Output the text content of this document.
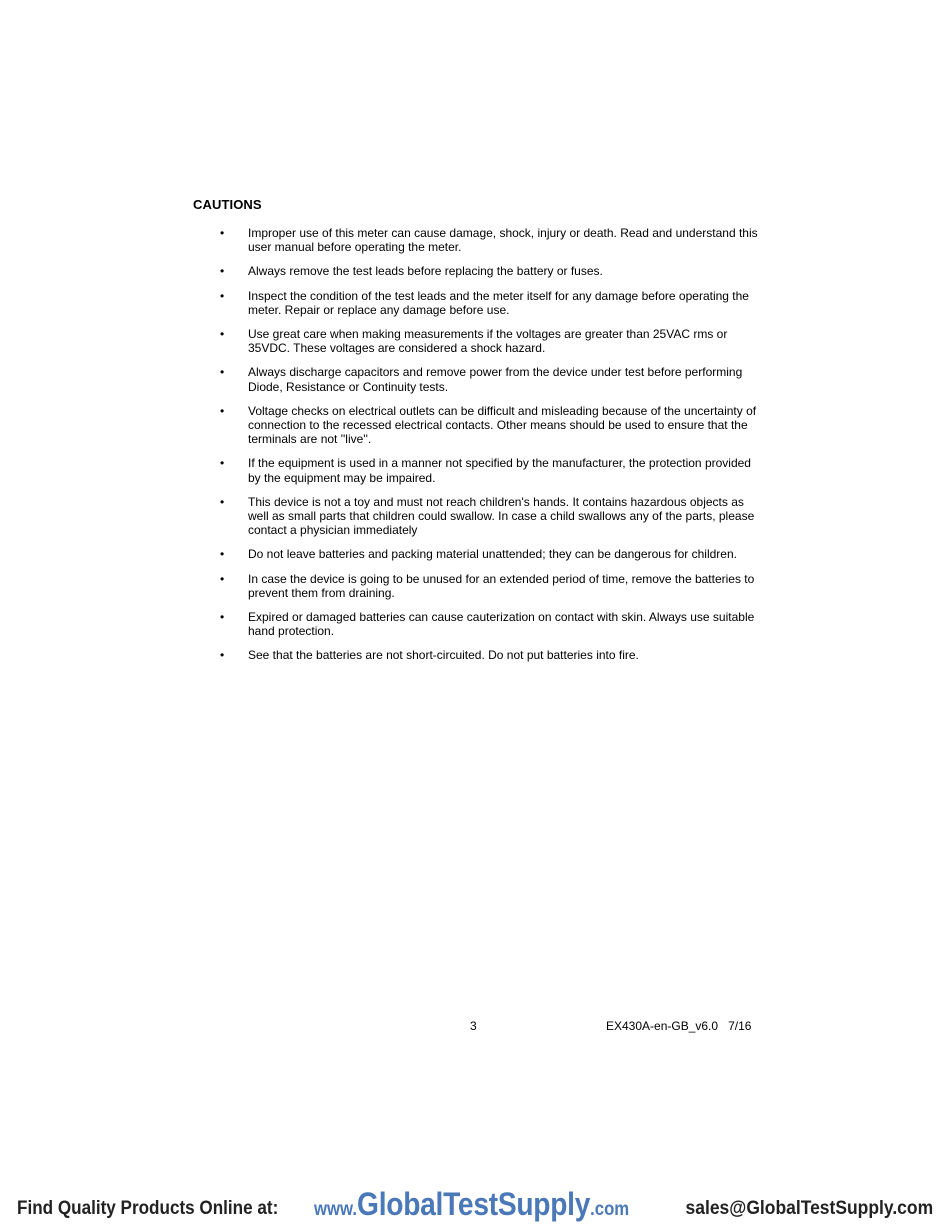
CAUTIONS
• Improper use of this meter can cause damage, shock, injury or death. Read and understand this user manual before operating the meter.
• Always remove the test leads before replacing the battery or fuses.
• Inspect the condition of the test leads and the meter itself for any damage before operating the meter. Repair or replace any damage before use.
• Use great care when making measurements if the voltages are greater than 25VAC rms or 35VDC. These voltages are considered a shock hazard.
• Always discharge capacitors and remove power from the device under test before performing Diode, Resistance or Continuity tests.
• Voltage checks on electrical outlets can be difficult and misleading because of the uncertainty of connection to the recessed electrical contacts. Other means should be used to ensure that the terminals are not ''live''.
• If the equipment is used in a manner not specified by the manufacturer, the protection provided by the equipment may be impaired.
• This device is not a toy and must not reach children's hands. It contains hazardous objects as well as small parts that children could swallow. In case a child swallows any of the parts, please contact a physician immediately
• Do not leave batteries and packing material unattended; they can be dangerous for children.
• In case the device is going to be unused for an extended period of time, remove the batteries to prevent them from draining.
• Expired or damaged batteries can cause cauterization on contact with skin. Always use suitable hand protection.
• See that the batteries are not short-circuited. Do not put batteries into fire.
3	EX430A-en-GB_v6.0   7/16
Find Quality Products Online at: www.GlobalTestSupply.com	sales@GlobalTestSupply.com
